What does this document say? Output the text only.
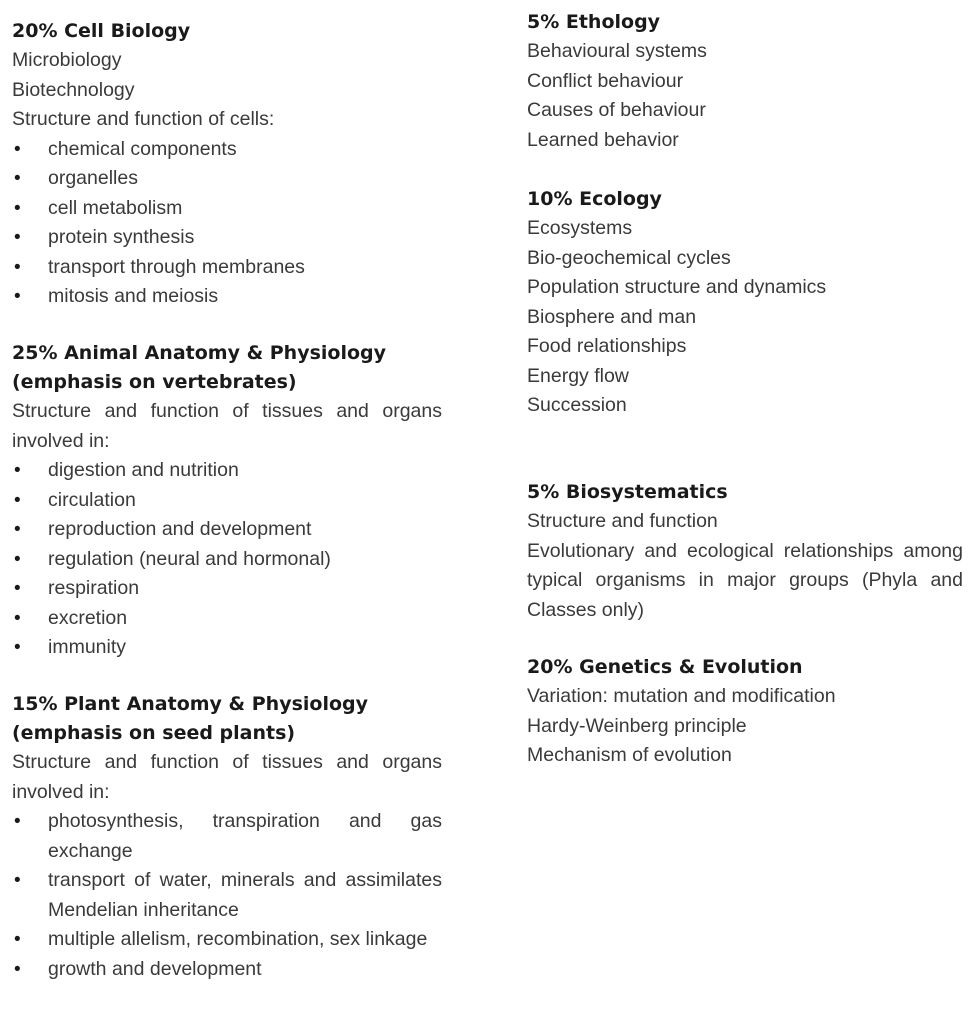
20% Cell Biology

Microbiology

Biotechnology

Structure and function of cells:

• chemical components
• organelles
• cell metabolism
• protein synthesis
• transport through membranes
• mitosis and meiosis

25% Animal Anatomy & Physiology

(emphasis on vertebrates)

Structure and function of tissues and organs involved in:

• digestion and nutrition
• circulation
• reproduction and development
• regulation (neural and hormonal)
• respiration
• excretion
• immunity

15% Plant Anatomy & Physiology

(emphasis on seed plants)

Structure and function of tissues and organs involved in:

• photosynthesis, transpiration and gas exchange
• transport of water, minerals and assimilates Mendelian inheritance
• multiple allelism, recombination, sex linkage
• growth and development

5% Ethology

Behavioural systems

Conflict behaviour

Causes of behaviour

Learned behavior

10% Ecology

Ecosystems

Bio-geochemical cycles

Population structure and dynamics

Biosphere and man

Food relationships

Energy flow

Succession

5% Biosystematics

Structure and function

Evolutionary and ecological relationships among typical organisms in major groups (Phyla and Classes only)

20% Genetics & Evolution

Variation: mutation and modification

Hardy-Weinberg principle

Mechanism of evolution
